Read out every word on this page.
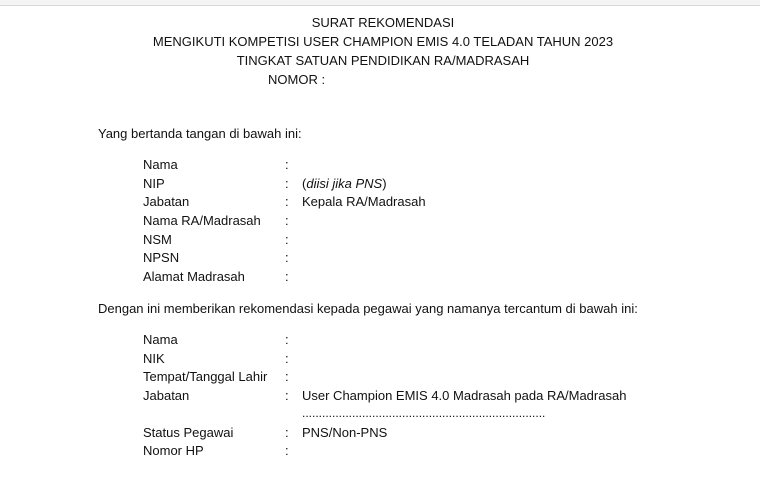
SURAT REKOMENDASI
MENGIKUTI KOMPETISI USER CHAMPION EMIS 4.0 TELADAN TAHUN 2023
TINGKAT SATUAN PENDIDIKAN RA/MADRASAH
NOMOR :
Yang bertanda tangan di bawah ini:
Nama	:
NIP	:	(diisi jika PNS)
Jabatan	:	Kepala RA/Madrasah
Nama RA/Madrasah	:
NSM	:
NPSN	:
Alamat Madrasah	:
Dengan ini memberikan rekomendasi kepada pegawai yang namanya tercantum di bawah ini:
Nama	:
NIK	:
Tempat/Tanggal Lahir	:
Jabatan	:	User Champion EMIS 4.0 Madrasah pada RA/Madrasah
.........................................................................
Status Pegawai	:	PNS/Non-PNS
Nomor HP	:
